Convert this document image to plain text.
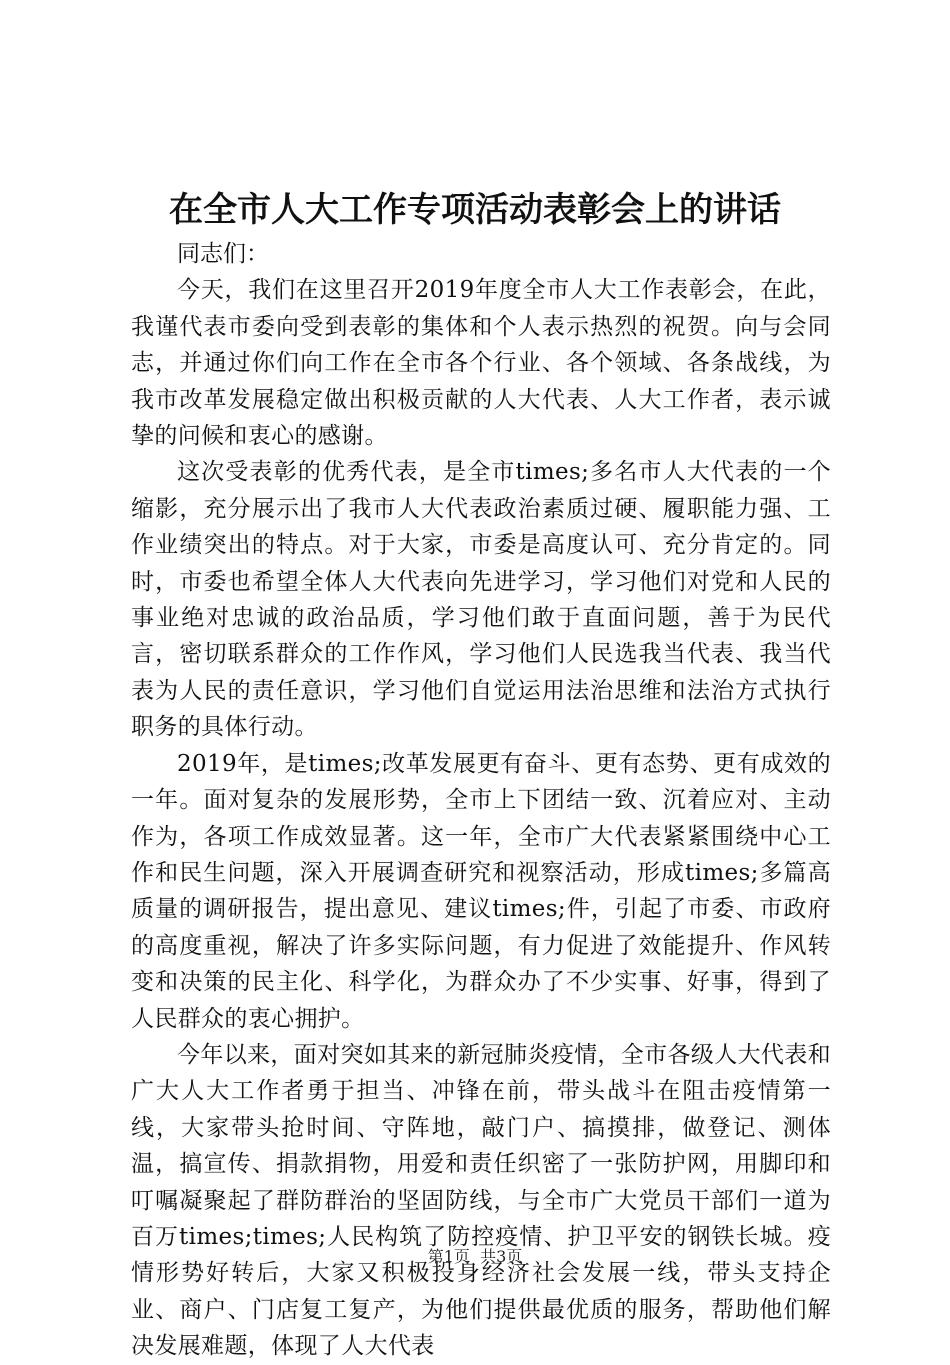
在全市人大工作专项活动表彰会上的讲话

同志们：

今天，我们在这里召开2019年度全市人大工作表彰会，在此，我谨代表市委向受到表彰的集体和个人表示热烈的祝贺。向与会同志，并通过你们向工作在全市各个行业、各个领域、各条战线，为我市改革发展稳定做出积极贡献的人大代表、人大工作者，表示诚挚的问候和衷心的感谢。

这次受表彰的优秀代表，是全市times;多名市人大代表的一个缩影，充分展示出了我市人大代表政治素质过硬、履职能力强、工作业绩突出的特点。对于大家，市委是高度认可、充分肯定的。同时，市委也希望全体人大代表向先进学习，学习他们对党和人民的事业绝对忠诚的政治品质，学习他们敢于直面问题，善于为民代言，密切联系群众的工作作风，学习他们人民选我当代表、我当代表为人民的责任意识，学习他们自觉运用法治思维和法治方式执行职务的具体行动。

2019年，是times;改革发展更有奋斗、更有态势、更有成效的一年。面对复杂的发展形势，全市上下团结一致、沉着应对、主动作为，各项工作成效显著。这一年，全市广大代表紧紧围绕中心工作和民生问题，深入开展调查研究和视察活动，形成times;多篇高质量的调研报告，提出意见、建议times;件，引起了市委、市政府的高度重视，解决了许多实际问题，有力促进了效能提升、作风转变和决策的民主化、科学化，为群众办了不少实事、好事，得到了人民群众的衷心拥护。

今年以来，面对突如其来的新冠肺炎疫情，全市各级人大代表和广大人大工作者勇于担当、冲锋在前，带头战斗在阻击疫情第一线，大家带头抢时间、守阵地，敲门户、搞摸排，做登记、测体温，搞宣传、捐款捐物，用爱和责任织密了一张防护网，用脚印和叮嘱凝聚起了群防群治的坚固防线，与全市广大党员干部们一道为百万times;times;人民构筑了防控疫情、护卫平安的钢铁长城。疫情形势好转后，大家又积极投身经济社会发展一线，带头支持企业、商户、门店复工复产，为他们提供最优质的服务，帮助他们解决发展难题，体现了人大代表

第1页 共3页
